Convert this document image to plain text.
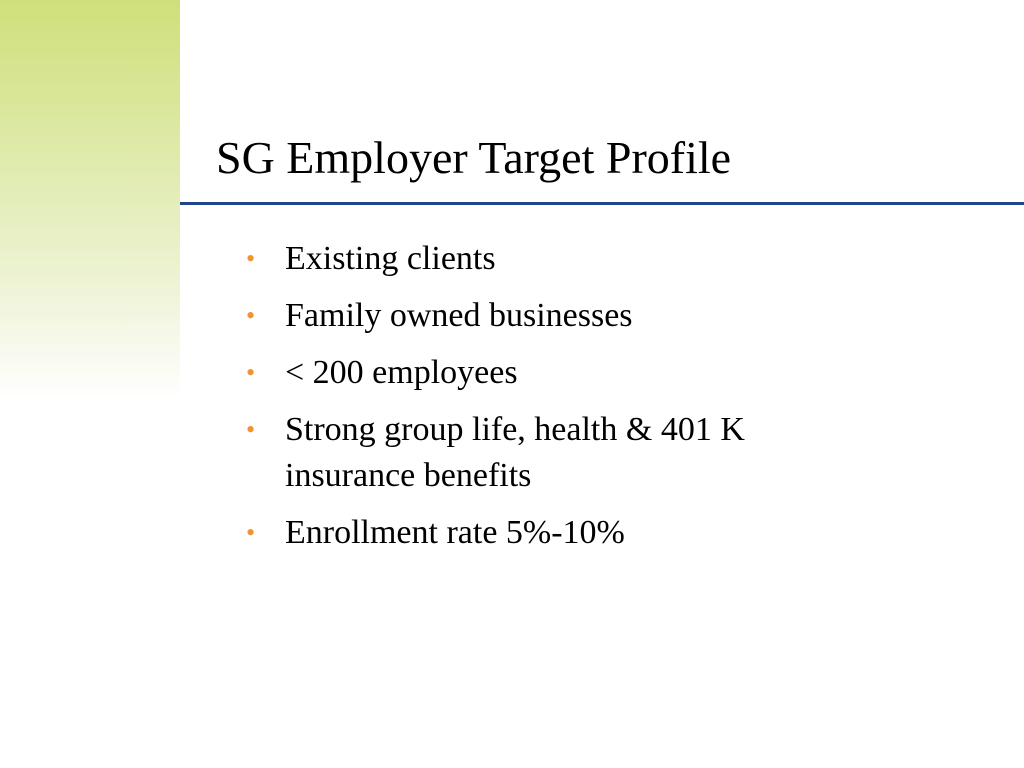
SG Employer Target Profile
• Existing clients
• Family owned businesses
• < 200 employees
• Strong group life, health & 401 K insurance benefits
• Enrollment rate 5%-10%
